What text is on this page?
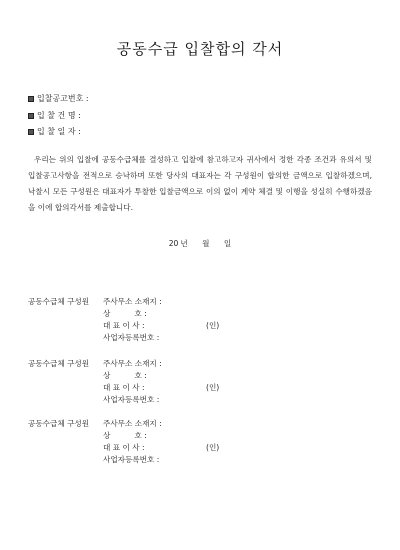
공동수급 입찰합의 각서
입찰공고번호 :
입 찰 건 명 :
입 찰 일 자 :
우리는 위의 입찰에 공동수급체를 결성하고 입찰에 참고하고자 귀사에서 정한 각종 조건과 유의서 및 입찰공고사항을 전적으로 승낙하며 또한 당사의 대표자는 각 구성원이 합의한 금액으로 입찰하겠으며, 낙찰시 모든 구성원은 대표자가 투찰한 입찰금액으로 이의 없이 계약 체결 및 이행을 성실히 수행하겠음을 이에 합의각서를 제출합니다.
20 년 월 일
공동수급체 구성원 주사무소 소재지 :
상          호 :
대 표 이 사 :	(인)
사업자등록번호 :
공동수급체 구성원 주사무소 소재지 :
상          호 :
대 표 이 사 :	(인)
사업자등록번호 :
공동수급체 구성원 주사무소 소재지 :
상          호 :
대 표 이 사 :	(인)
사업자등록번호 :
